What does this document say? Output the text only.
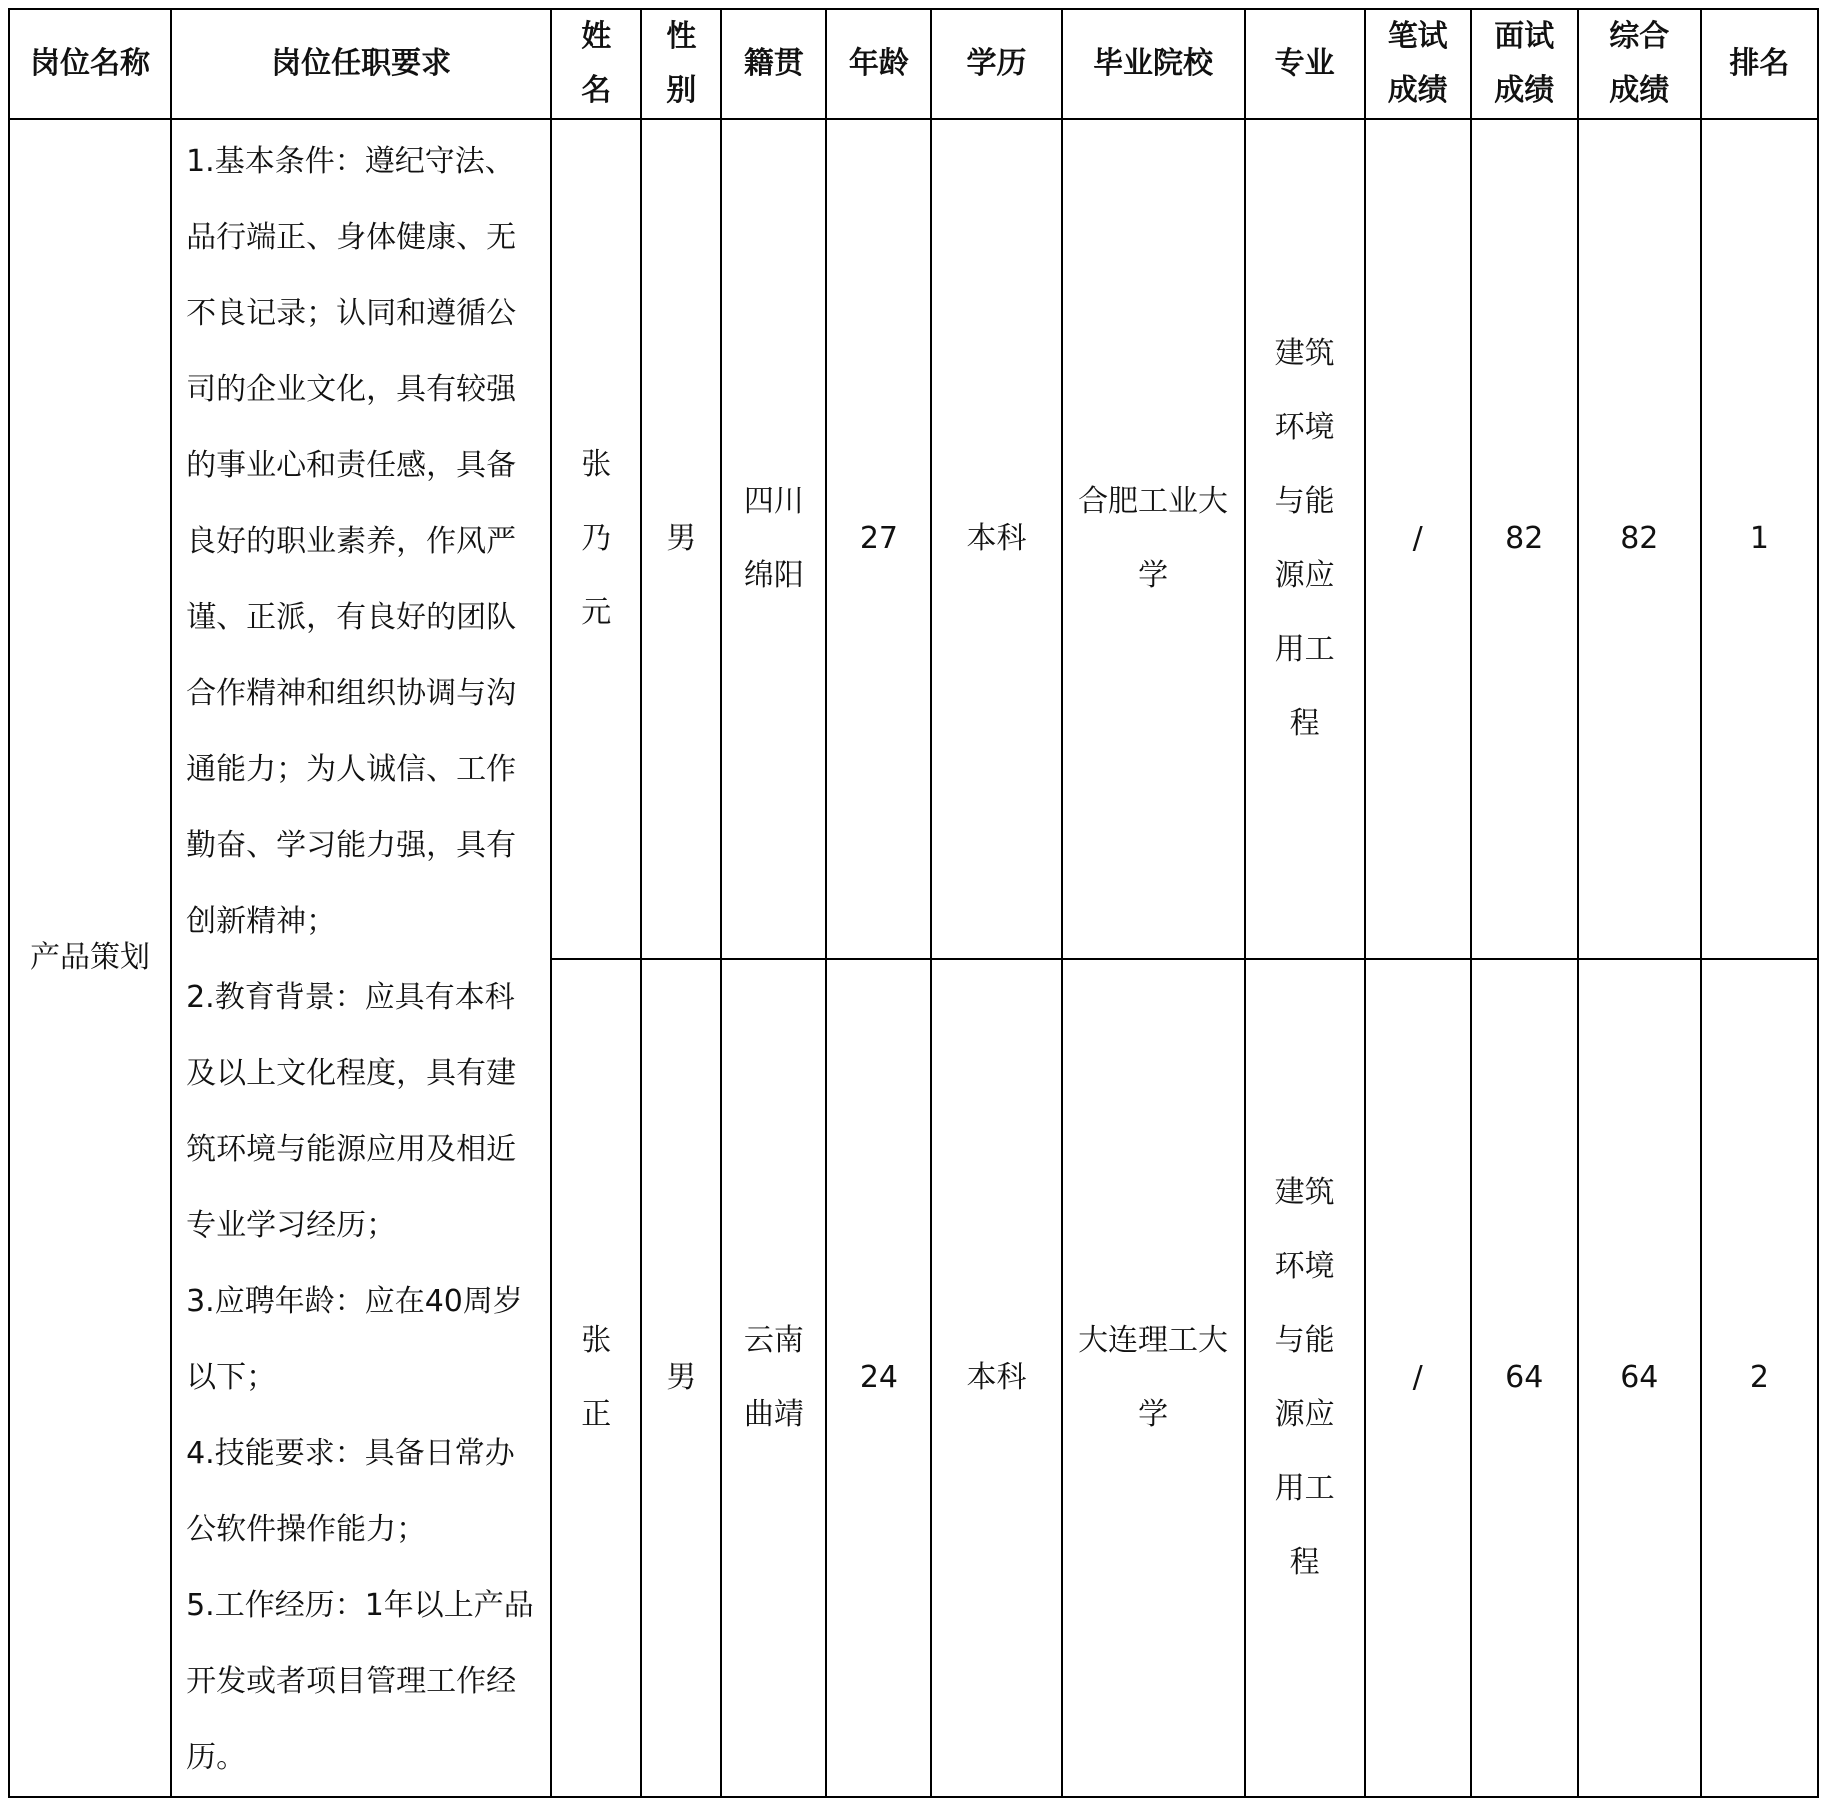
岗位名称	岗位任职要求	姓名	性别	籍贯	年龄	学历	毕业院校	专业	笔试成绩	面试成绩	综合成绩	排名
产品策划	1.基本条件：遵纪守法、品行端正、身体健康、无不良记录；认同和遵循公司的企业文化，具有较强的事业心和责任感，具备良好的职业素养，作风严谨、正派，有良好的团队合作精神和组织协调与沟通能力；为人诚信、工作勤奋、学习能力强，具有创新精神；

2.教育背景：应具有本科及以上文化程度，具有建筑环境与能源应用及相近专业学习经历；

3.应聘年龄：应在40周岁以下；

4.技能要求：具备日常办公软件操作能力；

5.工作经历：1年以上产品开发或者项目管理工作经历。	张乃元	男	四川绵阳	27	本科	合肥工业大学	建筑环境与能源应用工程	/	82	82	1
		张正	男	云南曲靖	24	本科	大连理工大学	建筑环境与能源应用工程	/	64	64	2
